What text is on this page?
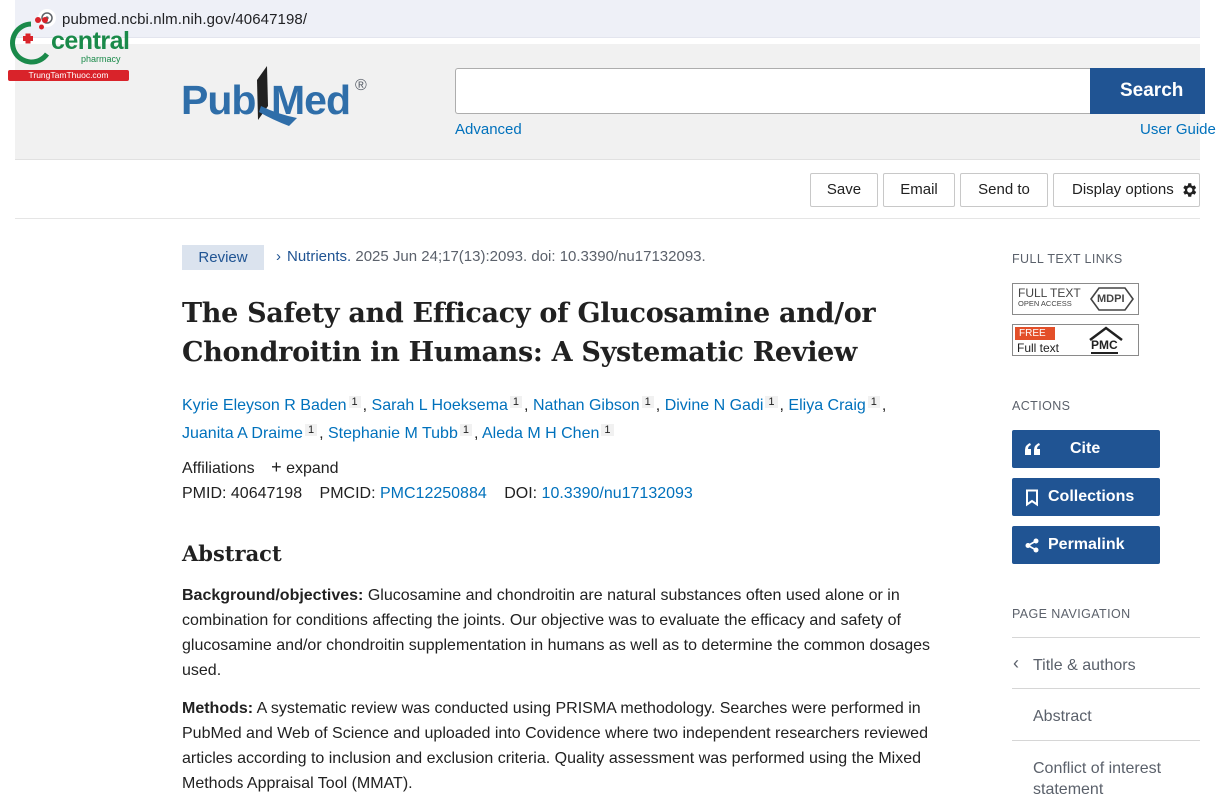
pubmed.ncbi.nlm.nih.gov/40647198/
central
pharmacy
TrungTamThuoc.com
Pub Med ®	Search
Advanced	User Guide
Save	Email	Send to	Display options
Review	› Nutrients. 2025 Jun 24;17(13):2093. doi: 10.3390/nu17132093.
The Safety and Efficacy of Glucosamine and/or Chondroitin in Humans: A Systematic Review
Kyrie Eleyson R Baden $^1$ , Sarah L Hoeksema $^1$ , Nathan Gibson $^1$ , Divine N Gadi $^1$ , Eliya Craig $^1$ ,
Juanita A Draime $^1$ , Stephanie M Tubb $^1$ , Aleda M H Chen $^1$
Affiliations + expand
PMID: 40647198 PMCID: PMC12250884 DOI: 10.3390/nu17132093
Abstract

Background/objectives: Glucosamine and chondroitin are natural substances often used alone or in combination for conditions affecting the joints. Our objective was to evaluate the efficacy and safety of glucosamine and/or chondroitin supplementation in humans as well as to determine the common dosages used.

Methods: A systematic review was conducted using PRISMA methodology. Searches were performed in PubMed and Web of Science and uploaded into Covidence where two independent researchers reviewed articles according to inclusion and exclusion criteria. Quality assessment was performed using the Mixed Methods Appraisal Tool (MMAT).

FULL TEXT LINKS
FULL TEXT
OPEN ACCESS MDPI
FREE
Full text	PMC
ACTIONS
Cite
Collections
Permalink
PAGE NAVIGATION
‹ Title & authors
Abstract
Conflict of interest statement
